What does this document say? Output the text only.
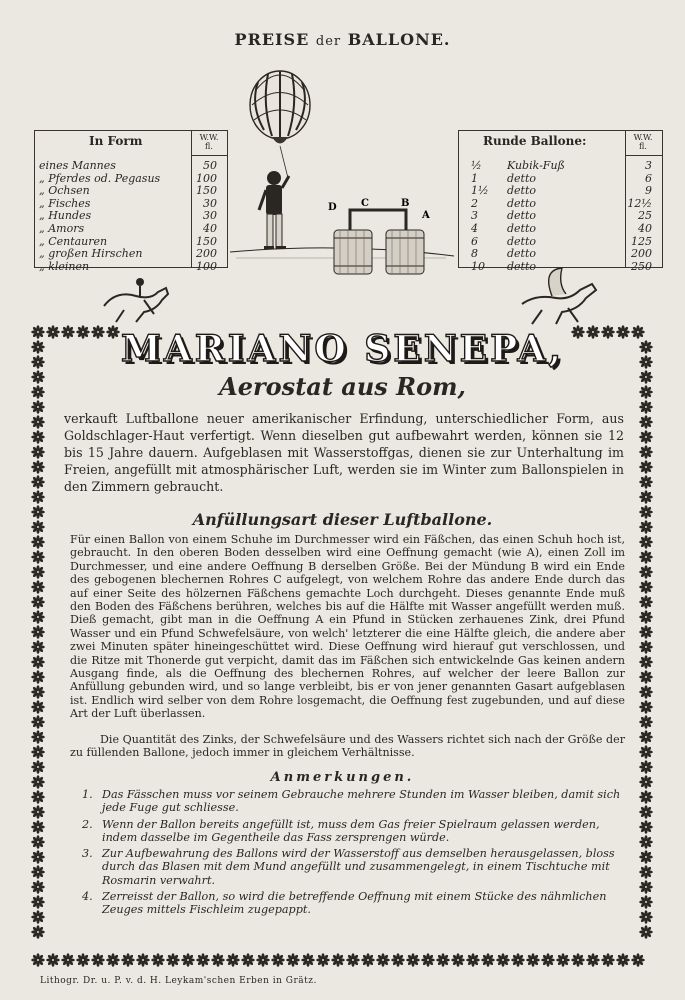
PREISE der BALLONE.
In Form	W.W.
fl.
eines Mannes	50
„ Pferdes od. Pegasus	100
„ Ochsen	150
„ Fisches	30
„ Hundes	30
„ Amors	40
„ Centauren	150
„ großen Hirschen	200
„ kleinen	100
Runde Ballone:	W.W.
fl.
½ Kubik-Fuß	3
1	detto	6
1½ detto	9
2	detto	12½
3	detto	25
4	detto	40
6	detto	125
8	detto	200
10 detto	250
D C	B
A
MARIANO SENEPA,
Aerostat aus Rom,
verkauft Luftballone neuer amerikanischer Erfindung, unterschiedlicher Form, aus Goldschlager-Haut verfertigt. Wenn dieselben gut aufbewahrt werden, können sie 12 bis 15 Jahre dauern. Aufgeblasen mit Wasserstoffgas, dienen sie zur Unterhaltung im Freien, angefüllt mit atmosphärischer Luft, werden sie im Winter zum Ballonspielen in den Zimmern gebraucht.
Anfüllungsart dieser Luftballone.
Für einen Ballon von einem Schuhe im Durchmesser wird ein Fäßchen, das einen Schuh hoch ist, gebraucht. In den oberen Boden desselben wird eine Oeffnung gemacht (wie A), einen Zoll im Durchmesser, und eine andere Oeffnung B derselben Größe. Bei der Mündung B wird ein Ende des gebogenen blechernen Rohres C aufgelegt, von welchem Rohre das andere Ende durch das auf einer Seite des hölzernen Fäßchens gemachte Loch durchgeht. Dieses genannte Ende muß den Boden des Fäßchens berühren, welches bis auf die Hälfte mit Wasser angefüllt werden muß. Dieß gemacht, gibt man in die Oeffnung A ein Pfund in Stücken zerhauenes Zink, drei Pfund Wasser und ein Pfund Schwefelsäure, von welch' letzterer die eine Hälfte gleich, die andere aber zwei Minuten später hineingeschüttet wird. Diese Oeffnung wird hierauf gut verschlossen, und die Ritze mit Thonerde gut verpicht, damit das im Fäßchen sich entwickelnde Gas keinen andern Ausgang finde, als die Oeffnung des blechernen Rohres, auf welcher der leere Ballon zur Anfüllung gebunden wird, und so lange verbleibt, bis er von jener genannten Gasart aufgeblasen ist. Endlich wird selber von dem Rohre losgemacht, die Oeffnung fest zugebunden, und auf diese Art der Luft überlassen.
Die Quantität des Zinks, der Schwefelsäure und des Wassers richtet sich nach der Größe der zu füllenden Ballone, jedoch immer in gleichem Verhältnisse.
Anmerkungen.
1. Das Fässchen muss vor seinem Gebrauche mehrere Stunden im Wasser bleiben, damit sich jede Fuge gut schliesse.
2. Wenn der Ballon bereits angefüllt ist, muss dem Gas freier Spielraum gelassen werden, indem dasselbe im Gegentheile das Fass zersprengen würde.
3. Zur Aufbewahrung des Ballons wird der Wasserstoff aus demselben herausgelassen, bloss durch das Blasen mit dem Mund angefüllt und zusammengelegt, in einem Tischtuche mit Rosmarin verwahrt.
4. Zerreisst der Ballon, so wird die betreffende Oeffnung mit einem Stücke des nähmlichen Zeuges mittels Fischleim zugepappt.
Lithogr. Dr. u. P. v. d. H. Leykam'schen Erben in Grätz.
